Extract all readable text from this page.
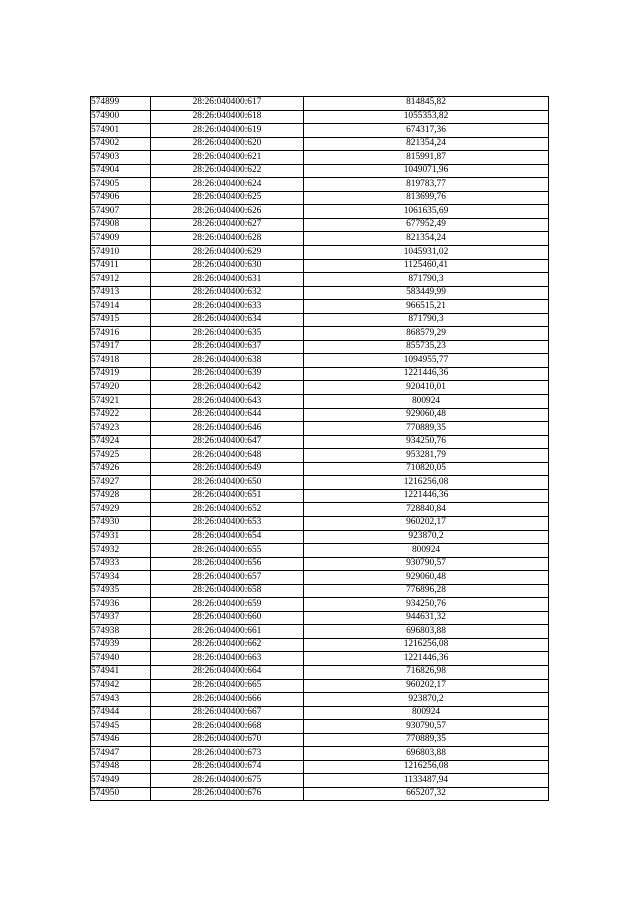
574899	28:26:040400:617	814845,82
574900	28:26:040400:618	1055353,82
574901	28:26:040400:619	674317,36
574902	28:26:040400:620	821354,24
574903	28:26:040400:621	815991,87
574904	28:26:040400:622	1049071,96
574905	28:26:040400:624	819783,77
574906	28:26:040400:625	813699,76
574907	28:26:040400:626	1061635,69
574908	28:26:040400:627	677952,49
574909	28:26:040400:628	821354,24
574910	28:26:040400:629	1045931,02
574911	28:26:040400:630	1125460,41
574912	28:26:040400:631	871790,3
574913	28:26:040400:632	583449,99
574914	28:26:040400:633	966515,21
574915	28:26:040400:634	871790,3
574916	28:26:040400:635	868579,29
574917	28:26:040400:637	855735,23
574918	28:26:040400:638	1094955,77
574919	28:26:040400:639	1221446,36
574920	28:26:040400:642	920410,01
574921	28:26:040400:643	800924
574922	28:26:040400:644	929060,48
574923	28:26:040400:646	770889,35
574924	28:26:040400:647	934250,76
574925	28:26:040400:648	953281,79
574926	28:26:040400:649	710820,05
574927	28:26:040400:650	1216256,08
574928	28:26:040400:651	1221446,36
574929	28:26:040400:652	728840,84
574930	28:26:040400:653	960202,17
574931	28:26:040400:654	923870,2
574932	28:26:040400:655	800924
574933	28:26:040400:656	930790,57
574934	28:26:040400:657	929060,48
574935	28:26:040400:658	776896,28
574936	28:26:040400:659	934250,76
574937	28:26:040400:660	944631,32
574938	28:26:040400:661	696803,88
574939	28:26:040400:662	1216256,08
574940	28:26:040400:663	1221446,36
574941	28:26:040400:664	716826,98
574942	28:26:040400:665	960202,17
574943	28:26:040400:666	923870,2
574944	28:26:040400:667	800924
574945	28:26:040400:668	930790,57
574946	28:26:040400:670	770889,35
574947	28:26:040400:673	696803,88
574948	28:26:040400:674	1216256,08
574949	28:26:040400:675	1133487,94
574950	28:26:040400:676	665207,32
